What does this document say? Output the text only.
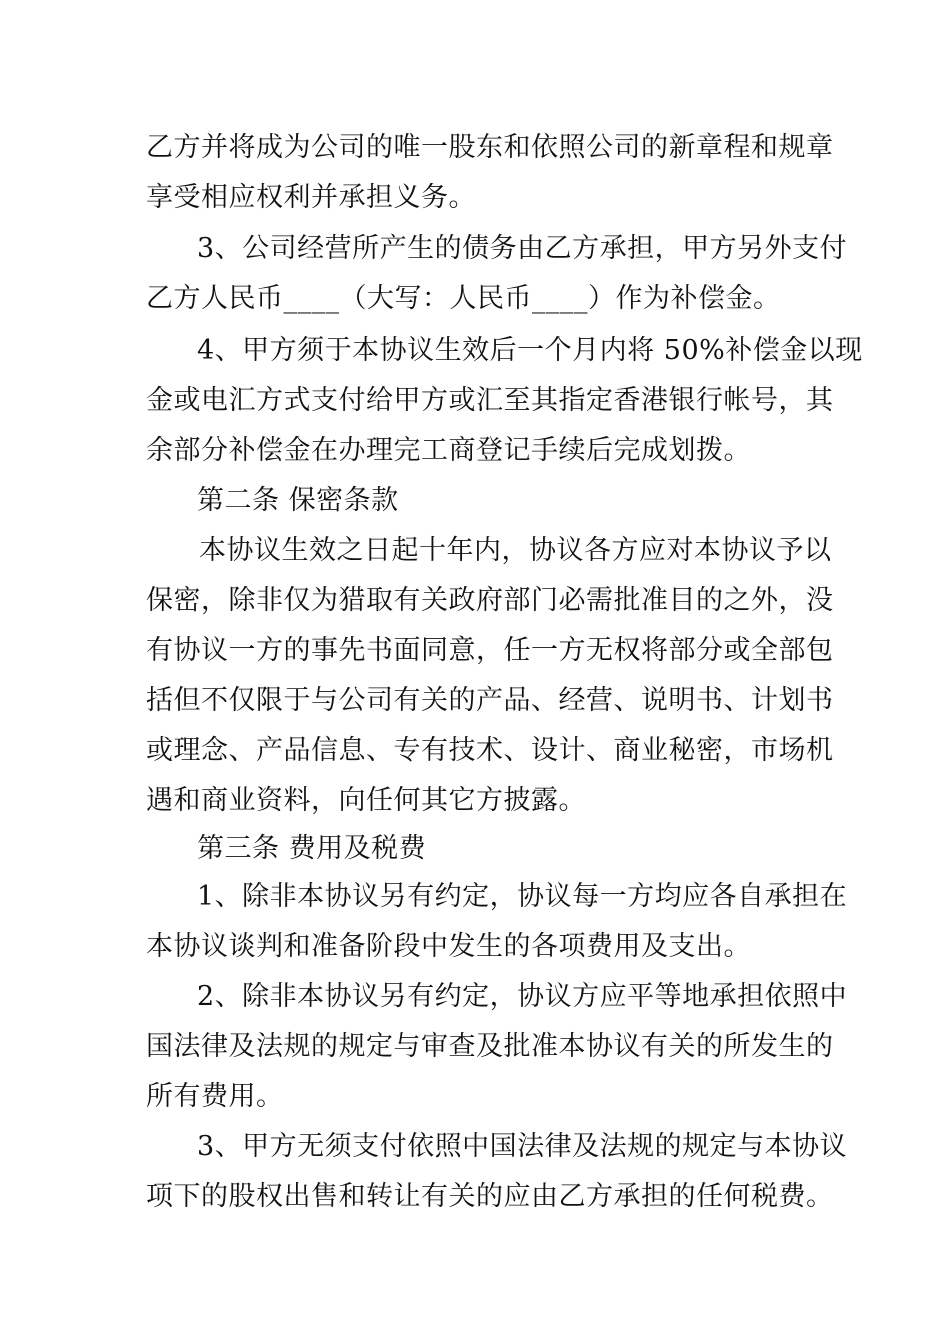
乙方并将成为公司的唯一股东和依照公司的新章程和规章
享受相应权利并承担义务。
3、公司经营所产生的债务由乙方承担，甲方另外支付
乙方人民币____（大写：人民币____）作为补偿金。
4、甲方须于本协议生效后一个月内将 50%补偿金以现
金或电汇方式支付给甲方或汇至其指定香港银行帐号，其
余部分补偿金在办理完工商登记手续后完成划拨。
第二条 保密条款
本协议生效之日起十年内，协议各方应对本协议予以
保密，除非仅为猎取有关政府部门必需批准目的之外，没
有协议一方的事先书面同意，任一方无权将部分或全部包
括但不仅限于与公司有关的产品、经营、说明书、计划书
或理念、产品信息、专有技术、设计、商业秘密，市场机
遇和商业资料，向任何其它方披露。
第三条 费用及税费
1、除非本协议另有约定，协议每一方均应各自承担在
本协议谈判和准备阶段中发生的各项费用及支出。
2、除非本协议另有约定，协议方应平等地承担依照中
国法律及法规的规定与审查及批准本协议有关的所发生的
所有费用。
3、甲方无须支付依照中国法律及法规的规定与本协议
项下的股权出售和转让有关的应由乙方承担的任何税费。
